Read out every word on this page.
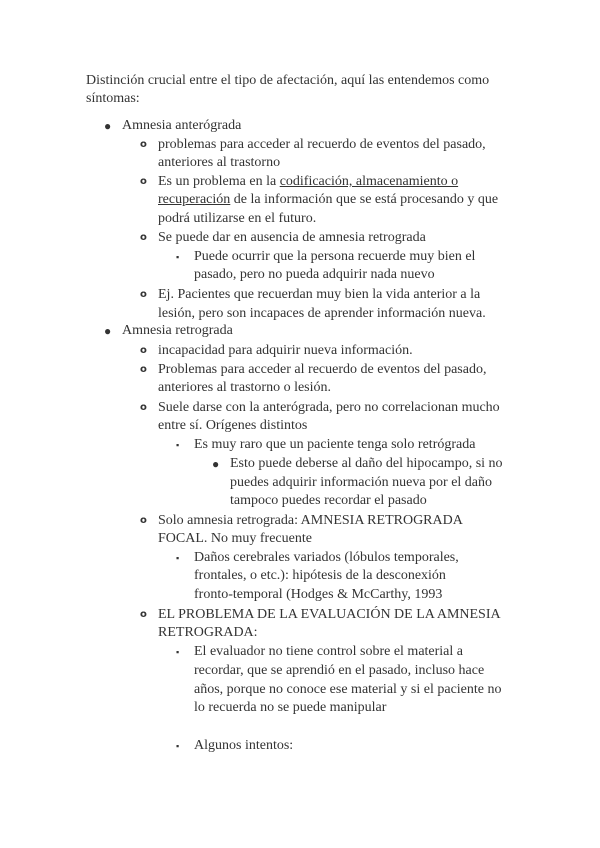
Distinción crucial entre el tipo de afectación, aquí las entendemos como
síntomas:
● Amnesia anterógrada
o problemas para acceder al recuerdo de eventos del pasado,
anteriores al trastorno
o Es un problema en la codificación, almacenamiento o
recuperación de la información que se está procesando y que
podrá utilizarse en el futuro.
o Se puede dar en ausencia de amnesia retrograda
▪ Puede ocurrir que la persona recuerde muy bien el
pasado, pero no pueda adquirir nada nuevo
o Ej. Pacientes que recuerdan muy bien la vida anterior a la
lesión, pero son incapaces de aprender información nueva.
● Amnesia retrograda
o incapacidad para adquirir nueva información.
o Problemas para acceder al recuerdo de eventos del pasado,
anteriores al trastorno o lesión.
o Suele darse con la anterógrada, pero no correlacionan mucho
entre sí. Orígenes distintos
▪ Es muy raro que un paciente tenga solo retrógrada
● Esto puede deberse al daño del hipocampo, si no
puedes adquirir información nueva por el daño
tampoco puedes recordar el pasado
o Solo amnesia retrograda: AMNESIA RETROGRADA
FOCAL. No muy frecuente
▪ Daños cerebrales variados (lóbulos temporales,
frontales, o etc.): hipótesis de la desconexión
fronto-temporal (Hodges & McCarthy, 1993
o EL PROBLEMA DE LA EVALUACIÓN DE LA AMNESIA
RETROGRADA:
▪ El evaluador no tiene control sobre el material a
recordar, que se aprendió en el pasado, incluso hace
años, porque no conoce ese material y si el paciente no
lo recuerda no se puede manipular
▪ Algunos intentos:
